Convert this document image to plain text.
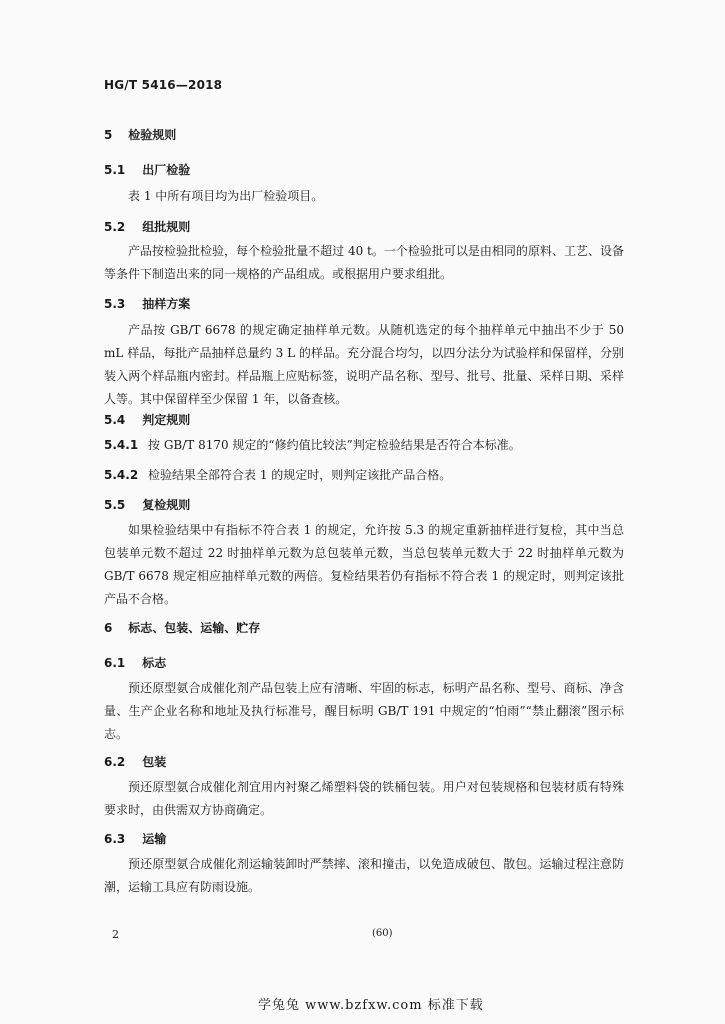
HG/T 5416—2018
5 检验规则
5.1 出厂检验
表 1 中所有项目均为出厂检验项目。
5.2 组批规则
产品按检验批检验，每个检验批量不超过 40 t。一个检验批可以是由相同的原料、工艺、设备等条件下制造出来的同一规格的产品组成。或根据用户要求组批。
5.3 抽样方案
产品按 GB/T 6678 的规定确定抽样单元数。从随机选定的每个抽样单元中抽出不少于 50 mL 样品，每批产品抽样总量约 3 L 的样品。充分混合均匀，以四分法分为试验样和保留样，分别装入两个样品瓶内密封。样品瓶上应贴标签，说明产品名称、型号、批号、批量、采样日期、采样人等。其中保留样至少保留 1 年，以备查核。
5.4 判定规则
5.4.1 按 GB/T 8170 规定的“修约值比较法”判定检验结果是否符合本标准。
5.4.2 检验结果全部符合表 1 的规定时，则判定该批产品合格。
5.5 复检规则
如果检验结果中有指标不符合表 1 的规定，允许按 5.3 的规定重新抽样进行复检，其中当总包装单元数不超过 22 时抽样单元数为总包装单元数，当总包装单元数大于 22 时抽样单元数为 GB/T 6678 规定相应抽样单元数的两倍。复检结果若仍有指标不符合表 1 的规定时，则判定该批产品不合格。
6 标志、包装、运输、贮存
6.1 标志
预还原型氨合成催化剂产品包装上应有清晰、牢固的标志，标明产品名称、型号、商标、净含量、生产企业名称和地址及执行标准号，醒目标明 GB/T 191 中规定的“怕雨”“禁止翻滚”图示标志。
6.2 包装
预还原型氨合成催化剂宜用内衬聚乙烯塑料袋的铁桶包装。用户对包装规格和包装材质有特殊要求时，由供需双方协商确定。
6.3 运输
预还原型氨合成催化剂运输装卸时严禁摔、滚和撞击，以免造成破包、散包。运输过程注意防潮，运输工具应有防雨设施。
2	(60)
学兔兔 www.bzfxw.com 标准下载
